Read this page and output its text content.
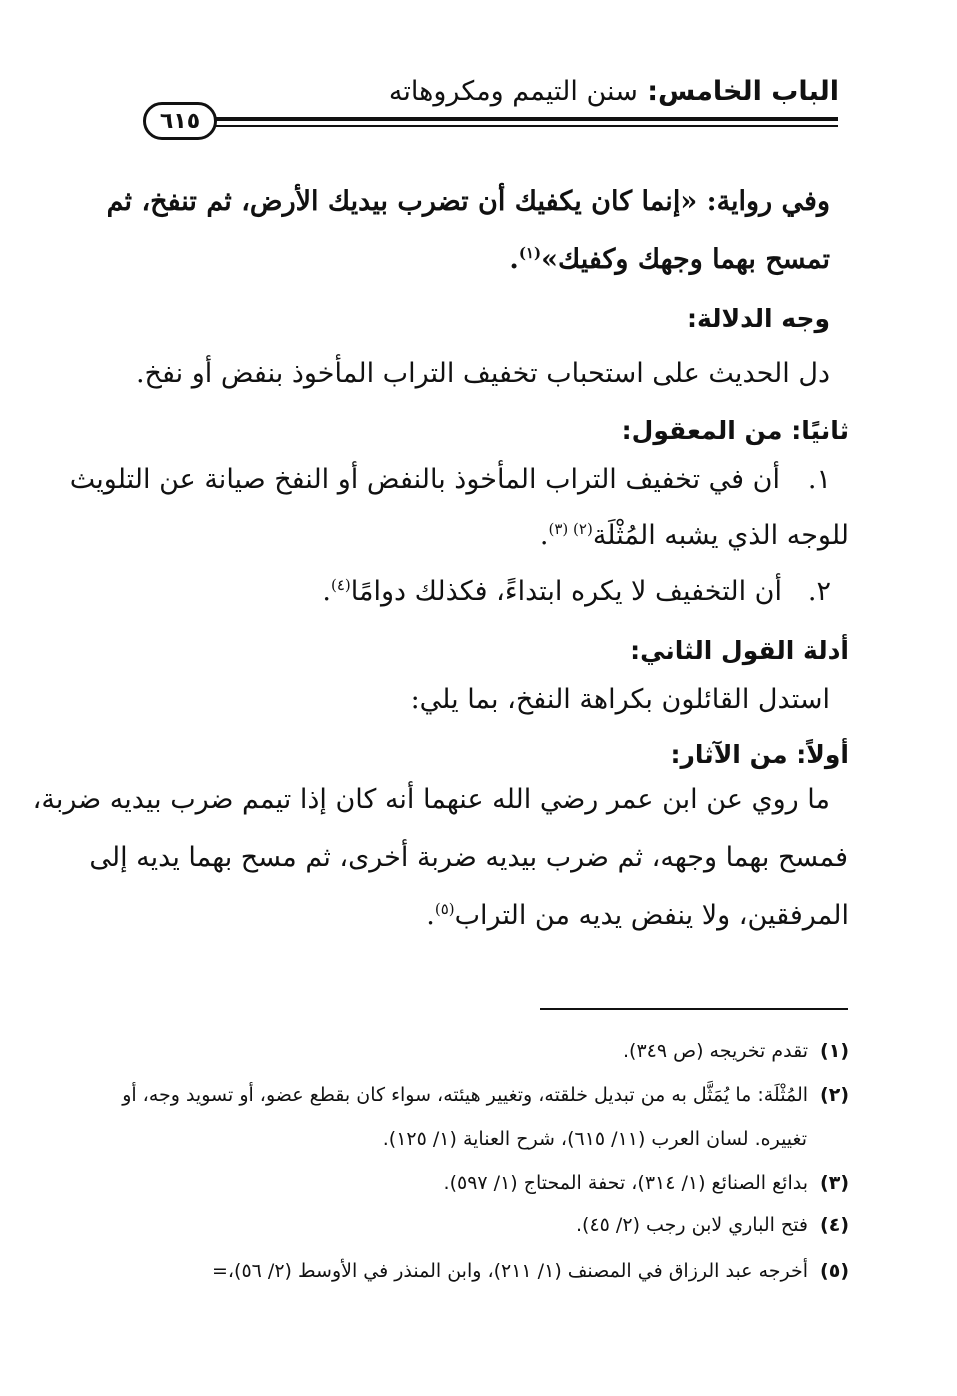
الباب الخامس: سنن التيمم ومكروهاته
٦١٥
وفي رواية: «إنما كان يكفيك أن تضرب بيديك الأرض، ثم تنفخ، ثم
تمسح بهما وجهك وكفيك»$^{(١)}$.
وجه الدلالة:
دل الحديث على استحباب تخفيف التراب المأخوذ بنفض أو نفخ.
ثانيًا: من المعقول:
١.
أن في تخفيف التراب المأخوذ بالنفض أو النفخ صيانة عن التلويث
للوجه الذي يشبه المُثْلَة$^{(٢) (٣)}$.
٢.
أن التخفيف لا يكره ابتداءً، فكذلك دوامًا$^{(٤)}$.
أدلة القول الثاني:
استدل القائلون بكراهة النفخ، بما يلي:
أولاً: من الآثار:
ما روي عن ابن عمر رضي الله عنهما أنه كان إذا تيمم ضرب بيديه ضربة،
فمسح بهما وجهه، ثم ضرب بيديه ضربة أخرى، ثم مسح بهما يديه إلى
المرفقين، ولا ينفض يديه من التراب$^{(٥)}$.
(١)تقدم تخريجه (ص ٣٤٩).
(٢)المُثْلَة: ما يُمَثَّل به من تبديل خلقته، وتغيير هيئته، سواء كان بقطع عضو، أو تسويد وجه، أو
تغييره. لسان العرب (١١/ ٦١٥)، شرح العناية (١/ ١٢٥).
(٣)بدائع الصنائع (١/ ٣١٤)، تحفة المحتاج (١/ ٥٩٧).
(٤)فتح الباري لابن رجب (٢/ ٤٥).
(٥)أخرجه عبد الرزاق في المصنف (١/ ٢١١)، وابن المنذر في الأوسط (٢/ ٥٦)،=
